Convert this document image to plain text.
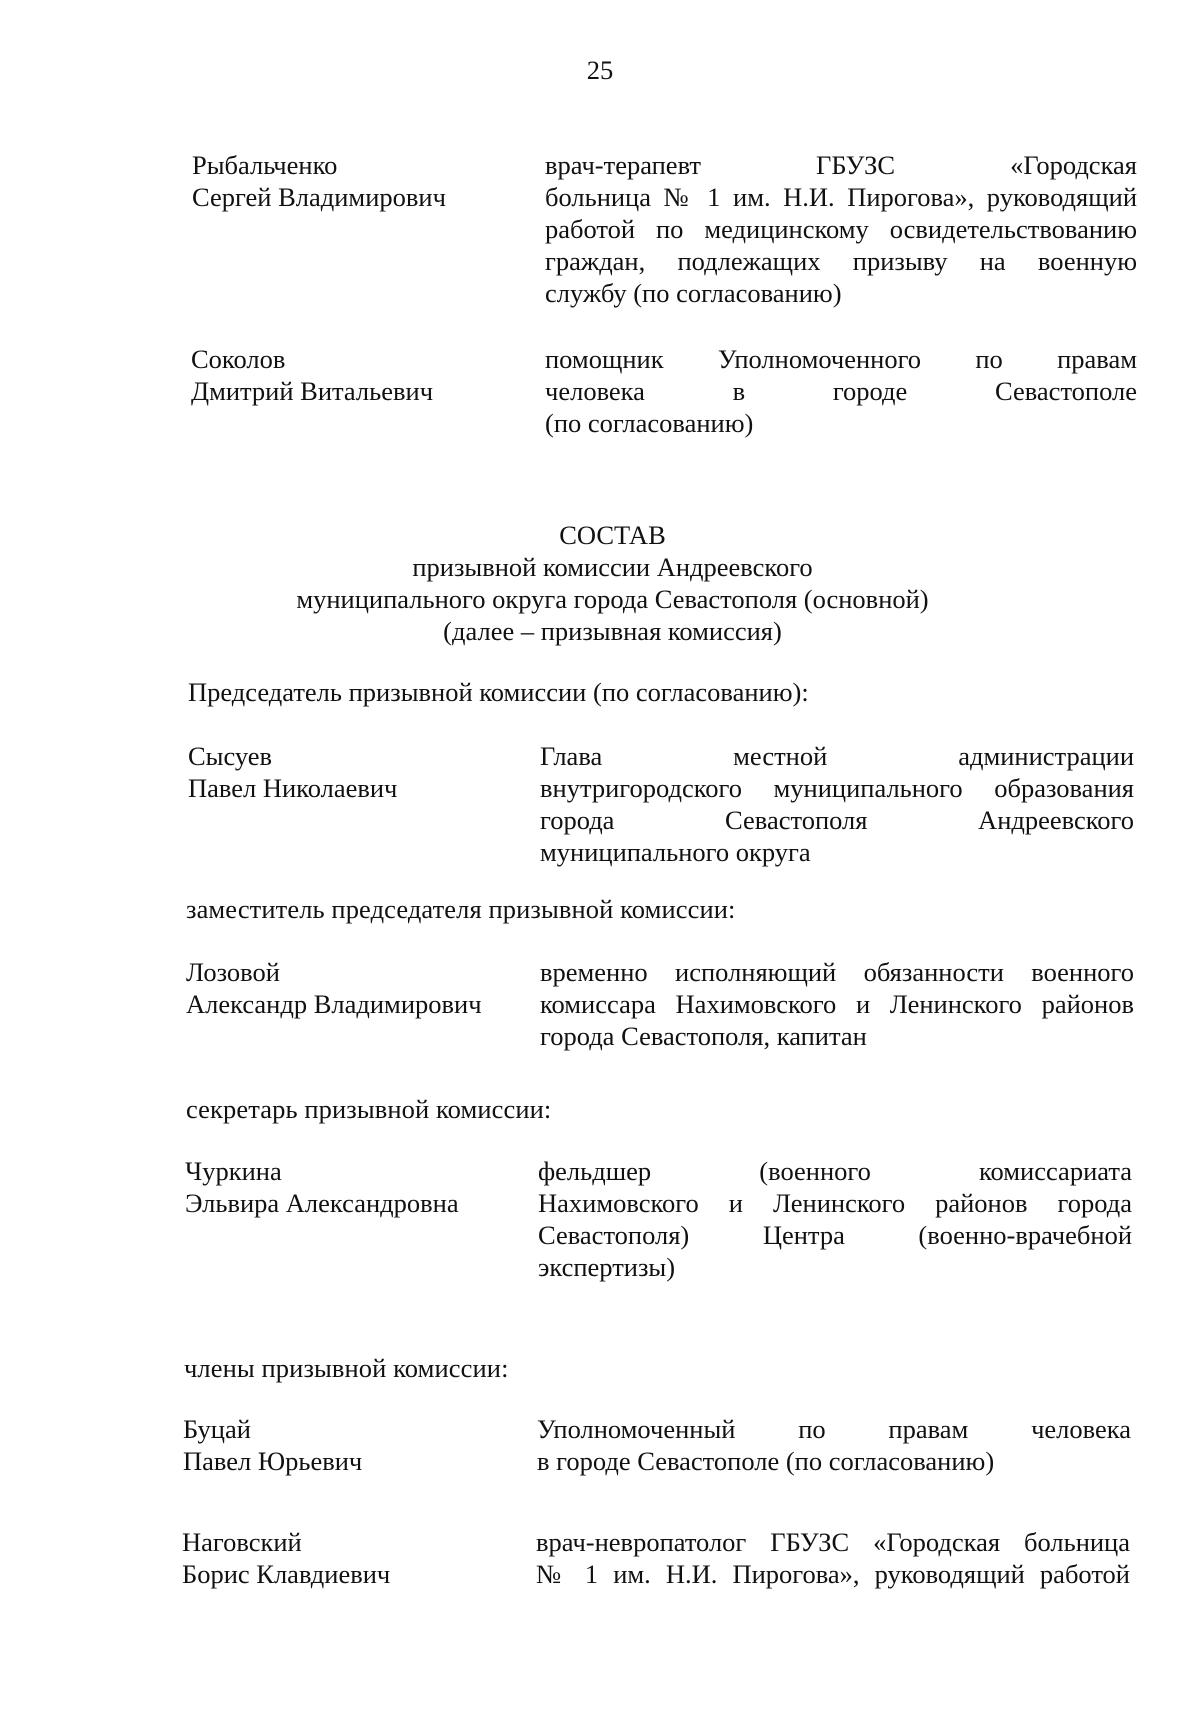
25
Рыбальченко
Сергей Владимирович
врач-терапевт ГБУЗС «Городская
больница № 1 им. Н.И. Пирогова», руководящий
работой по медицинскому освидетельствованию
граждан, подлежащих призыву на военную
службу (по согласованию)
Соколов
Дмитрий Витальевич
помощник Уполномоченного по правам
человека в городе Севастополе
(по согласованию)
СОСТАВ
призывной комиссии Андреевского
муниципального округа города Севастополя (основной)
(далее – призывная комиссия)
Председатель призывной комиссии (по согласованию):
Сысуев
Павел Николаевич
Глава местной администрации
внутригородского муниципального образования
города Севастополя Андреевского
муниципального округа
заместитель председателя призывной комиссии:
Лозовой
Александр Владимирович
временно исполняющий обязанности военного
комиссара Нахимовского и Ленинского районов
города Севастополя, капитан
секретарь призывной комиссии:
Чуркина
Эльвира Александровна
фельдшер (военного комиссариата
Нахимовского и Ленинского районов города
Севастополя) Центра (военно-врачебной
экспертизы)
члены призывной комиссии:
Буцай
Павел Юрьевич
Уполномоченный по правам человека
в городе Севастополе (по согласованию)
Наговский
Борис Клавдиевич
врач-невропатолог ГБУЗС «Городская больница
№ 1 им. Н.И. Пирогова», руководящий работой
